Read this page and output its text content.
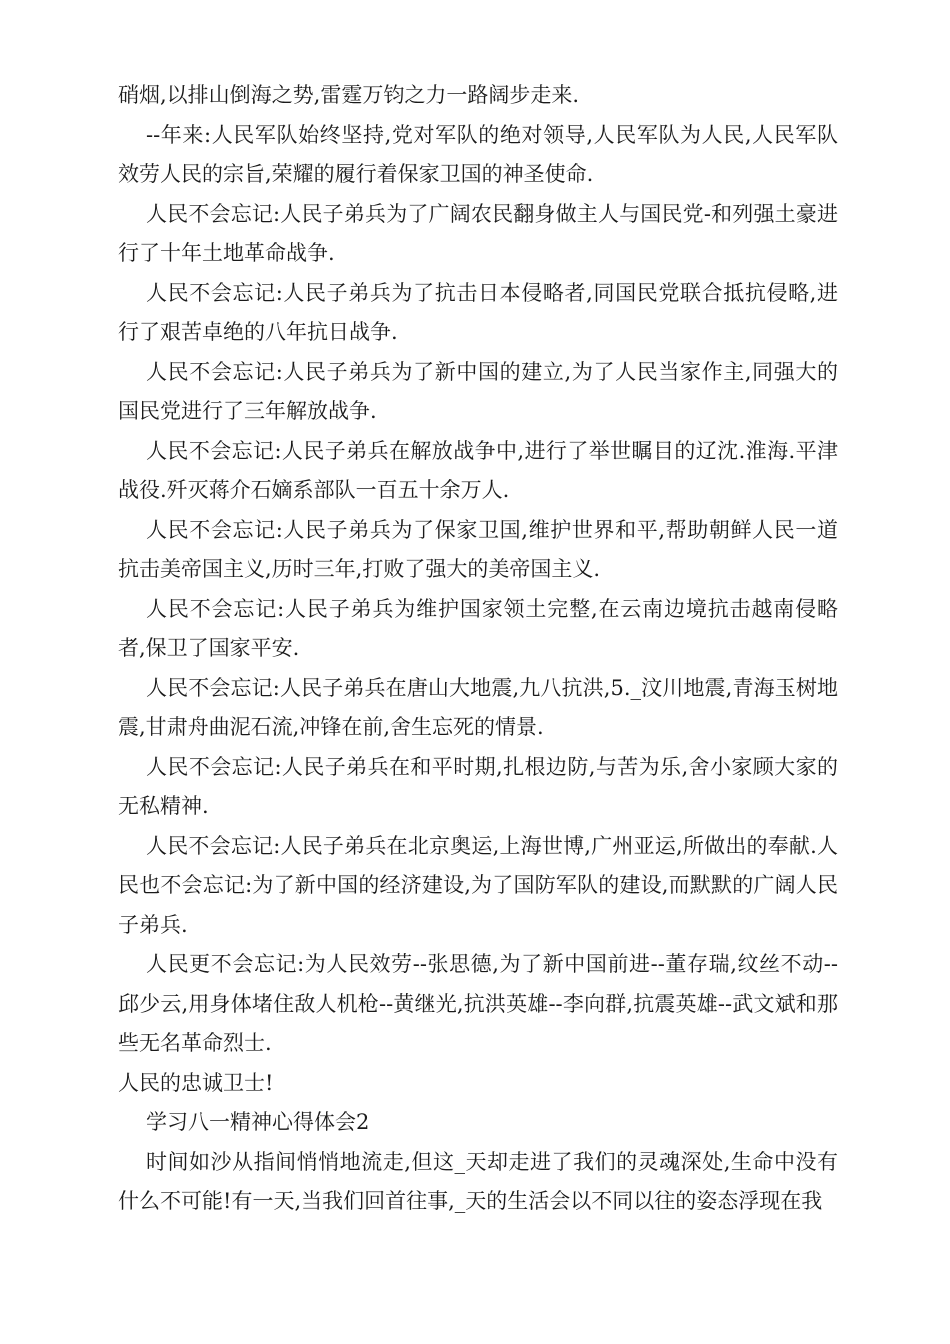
硝烟,以排山倒海之势,雷霆万钧之力一路阔步走来.

--年来:人民军队始终坚持,党对军队的绝对领导,人民军队为人民,人民军队效劳人民的宗旨,荣耀的履行着保家卫国的神圣使命.

人民不会忘记:人民子弟兵为了广阔农民翻身做主人与国民党-和列强土豪进行了十年土地革命战争.

人民不会忘记:人民子弟兵为了抗击日本侵略者,同国民党联合抵抗侵略,进行了艰苦卓绝的八年抗日战争.

人民不会忘记:人民子弟兵为了新中国的建立,为了人民当家作主,同强大的国民党进行了三年解放战争.

人民不会忘记:人民子弟兵在解放战争中,进行了举世瞩目的辽沈.淮海.平津战役.歼灭蒋介石嫡系部队一百五十余万人.

人民不会忘记:人民子弟兵为了保家卫国,维护世界和平,帮助朝鲜人民一道抗击美帝国主义,历时三年,打败了强大的美帝国主义.

人民不会忘记:人民子弟兵为维护国家领土完整,在云南边境抗击越南侵略者,保卫了国家平安.

人民不会忘记:人民子弟兵在唐山大地震,九八抗洪,5._汶川地震,青海玉树地震,甘肃舟曲泥石流,冲锋在前,舍生忘死的情景.

人民不会忘记:人民子弟兵在和平时期,扎根边防,与苦为乐,舍小家顾大家的无私精神.

人民不会忘记:人民子弟兵在北京奥运,上海世博,广州亚运,所做出的奉献.人民也不会忘记:为了新中国的经济建设,为了国防军队的建设,而默默的广阔人民子弟兵.

人民更不会忘记:为人民效劳--张思德,为了新中国前进--董存瑞,纹丝不动--邱少云,用身体堵住敌人机枪--黄继光,抗洪英雄--李向群,抗震英雄--武文斌和那些无名革命烈士.

人民的忠诚卫士!

学习八一精神心得体会2

时间如沙从指间悄悄地流走,但这_天却走进了我们的灵魂深处,生命中没有什么不可能!有一天,当我们回首往事,_天的生活会以不同以往的姿态浮现在我
